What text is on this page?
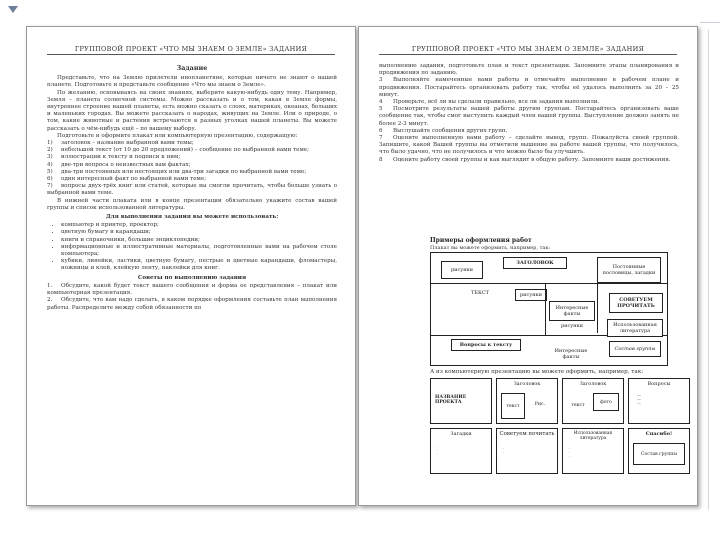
ГРУППОВОЙ ПРОЕКТ «ЧТО МЫ ЗНАЕМ О ЗЕМЛЕ» ЗАДАНИЯ

Задание

Представьте, что на Землю прилетели инопланетяне, которые ничего не знают о нашей планете. Подготовьте и представьте сообщение «Что мы знаем о Земле».

По желанию, основываясь на своих знаниях, выберите какую-нибудь одну тему. Например, Земля – планета солнечной системы. Можно рассказать и о том, какая в Земле формы, внутреннее строение нашей планеты, есть можно сказать о слоях, материках, океанах, больших и маленьких городах. Вы можете рассказать о народах, живущих на Земле. Или о природе, о том, какие животные и растения встречаются в разных уголках нашей планеты. Вы можете рассказать о чём-нибудь ещё – по вашему выбору.

Подготовьте и оформите плакат или компьютерную презентацию, содержащую:

1) заголовок – название выбранной вами темы;
2) небольшой текст (от 10 до 20 предложений) – сообщение по выбранной вами теме;
3) иллюстрации к тексту и подписи к ним;
4) две-три вопроса о неизвестных вам фактах;
5) два-три постоянных или нестоящих или два-три загадки по выбранной вами теме;
6) один интересный факт по выбранной вами теме;
7) вопросы двух-трёх книг или статей, которые вы смогли прочитать, чтобы больше узнать о выбранной вами теме.

В нижней части плаката или в конце презентации обязательно укажите состав вашей группы и список использованной литературы.

Для выполнения задания вы можете использовать:

• компьютер и принтер, проектор;
• цветную бумагу и карандаши;
• книги и справочники, большие энциклопедии;
• информационные и иллюстративные материалы, подготовленные вами на рабочем столе компьютера;
• кубики, линейки, ластики, цветную бумагу, пестрые и цветные карандаши, фломастеры, ножницы и клей, клейкую ленту, наклейки для книг.

Советы по выполнению задания

1. Обсудите, какой будет текст вашего сообщения и форма ее представления – плакат или компьютерная презентация.
2. Обсудите, что вам надо сделать, в каком порядке оформления составьте план выполнения работы. Распределите между собой обязанности по
ГРУППОВОЙ ПРОЕКТ «ЧТО МЫ ЗНАЕМ О ЗЕМЛЕ» ЗАДАНИЯ

выполнению задания, подготовьте план и текст презентации. Запомните этапы планирования и продвижения по заданию.

3 Выполняйте намеченные вами работы и отмечайте выполнение в рабочем плане и продвижения. Постарайтесь организовать работу так, чтобы её удалось выполнить за 20 – 25 минут.
4 Проверьте, всё ли вы сделали правильно, все ли задания выполнили.
5 Посмотрите результаты вашей работы другим группам. Постарайтесь организовать ваше сообщение так, чтобы смог выступить каждый член вашей группы. Выступление должно занять не более 2-3 минут.
6 Выслушайте сообщения других групп.
7 Оцените выполненную вами работу – сделайте вывод, групп. Пожалуйста своей группой. Запишите, какой Вашей группы вы отметили вышение на работе вашей группы, что получилось, что было удачно, что не получилось и что можно было бы улучшить.
8 Оцените работу своей группы и как выглядит в общую работу. Запомните ваши достижения.
Примеры оформления работ
Плакат вы можете оформить, например, так:
рисунки
ЗАГОЛОВОК
Постоянные пословицы, загадки
ТЕКСТ	рисунки
Интересные факты
СОВЕТУЕМ ПРОЧИТАТЬ
рисунки
Вопросы к тексту
Интересные факты
Использованная литература
Состав группы
А из компьютерную презентацию вы можете оформить, например, так:
НАЗВАНИЕ ПРОЕКТА
Заголовок
текст	Рис.
Заголовок
текст
фото
Вопросы
—
—
—
Загадки
·
·
·
Советуем почитать
·
·
Использованная литература
·
·
·
Спасибо!
Состав группы
